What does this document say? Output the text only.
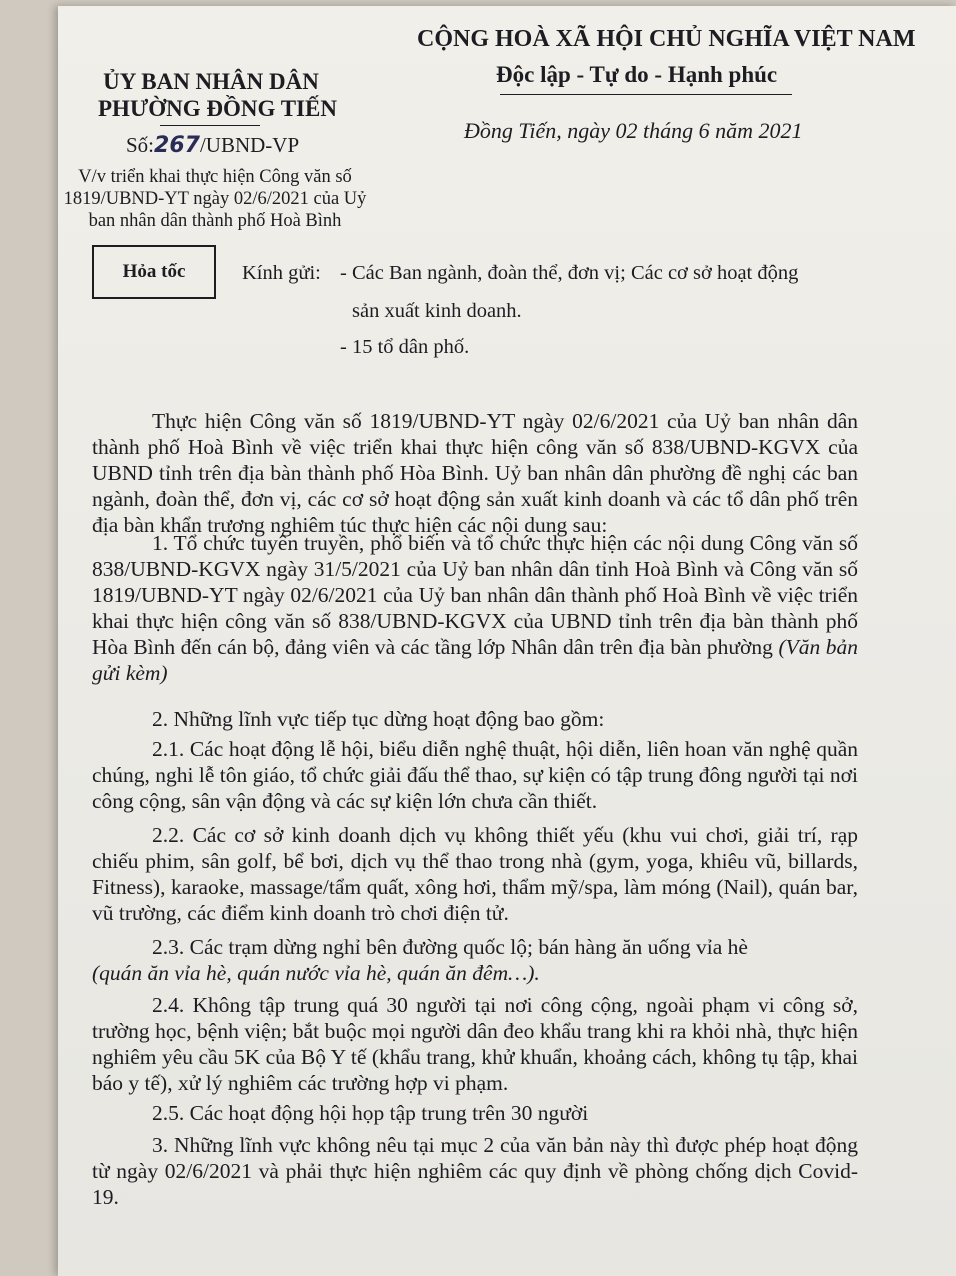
ỦY BAN NHÂN DÂN
PHƯỜNG ĐỒNG TIẾN
Số:267/UBND-VP
V/v triển khai thực hiện Công văn số
1819/UBND-YT ngày 02/6/2021 của Uỷ
ban nhân dân thành phố Hoà Bình
CỘNG HOÀ XÃ HỘI CHỦ NGHĨA VIỆT NAM
Độc lập - Tự do - Hạnh phúc
Đồng Tiến, ngày 02 tháng 6 năm 2021
Hỏa tốc	Kính gửi: - Các Ban ngành, đoàn thể, đơn vị; Các cơ sở hoạt động
sản xuất kinh doanh.
- 15 tổ dân phố.

Thực hiện Công văn số 1819/UBND-YT ngày 02/6/2021 của Uỷ ban nhân dân thành phố Hoà Bình về việc triển khai thực hiện công văn số 838/UBND-KGVX của UBND tỉnh trên địa bàn thành phố Hòa Bình. Uỷ ban nhân dân phường đề nghị các ban ngành, đoàn thể, đơn vị, các cơ sở hoạt động sản xuất kinh doanh và các tổ dân phố trên địa bàn khẩn trương nghiêm túc thực hiện các nội dung sau:

1. Tổ chức tuyên truyền, phổ biến và tổ chức thực hiện các nội dung Công văn số 838/UBND-KGVX ngày 31/5/2021 của Uỷ ban nhân dân tỉnh Hoà Bình và Công văn số 1819/UBND-YT ngày 02/6/2021 của Uỷ ban nhân dân thành phố Hoà Bình về việc triển khai thực hiện công văn số 838/UBND-KGVX của UBND tỉnh trên địa bàn thành phố Hòa Bình đến cán bộ, đảng viên và các tầng lớp Nhân dân trên địa bàn phường (Văn bản gửi kèm)

2. Những lĩnh vực tiếp tục dừng hoạt động bao gồm:

2.1. Các hoạt động lễ hội, biểu diễn nghệ thuật, hội diễn, liên hoan văn nghệ quần chúng, nghi lễ tôn giáo, tổ chức giải đấu thể thao, sự kiện có tập trung đông người tại nơi công cộng, sân vận động và các sự kiện lớn chưa cần thiết.

2.2. Các cơ sở kinh doanh dịch vụ không thiết yếu (khu vui chơi, giải trí, rạp chiếu phim, sân golf, bể bơi, dịch vụ thể thao trong nhà (gym, yoga, khiêu vũ, billards, Fitness), karaoke, massage/tẩm quất, xông hơi, thẩm mỹ/spa, làm móng (Nail), quán bar, vũ trường, các điểm kinh doanh trò chơi điện tử.

2.3. Các trạm dừng nghỉ bên đường quốc lộ; bán hàng ăn uống vỉa hè

(quán ăn vỉa hè, quán nước vỉa hè, quán ăn đêm…).

2.4. Không tập trung quá 30 người tại nơi công cộng, ngoài phạm vi công sở, trường học, bệnh viện; bắt buộc mọi người dân đeo khẩu trang khi ra khỏi nhà, thực hiện nghiêm yêu cầu 5K của Bộ Y tế (khẩu trang, khử khuẩn, khoảng cách, không tụ tập, khai báo y tế), xử lý nghiêm các trường hợp vi phạm.

2.5. Các hoạt động hội họp tập trung trên 30 người

3. Những lĩnh vực không nêu tại mục 2 của văn bản này thì được phép hoạt động từ ngày 02/6/2021 và phải thực hiện nghiêm các quy định về phòng chống dịch Covid-19.
